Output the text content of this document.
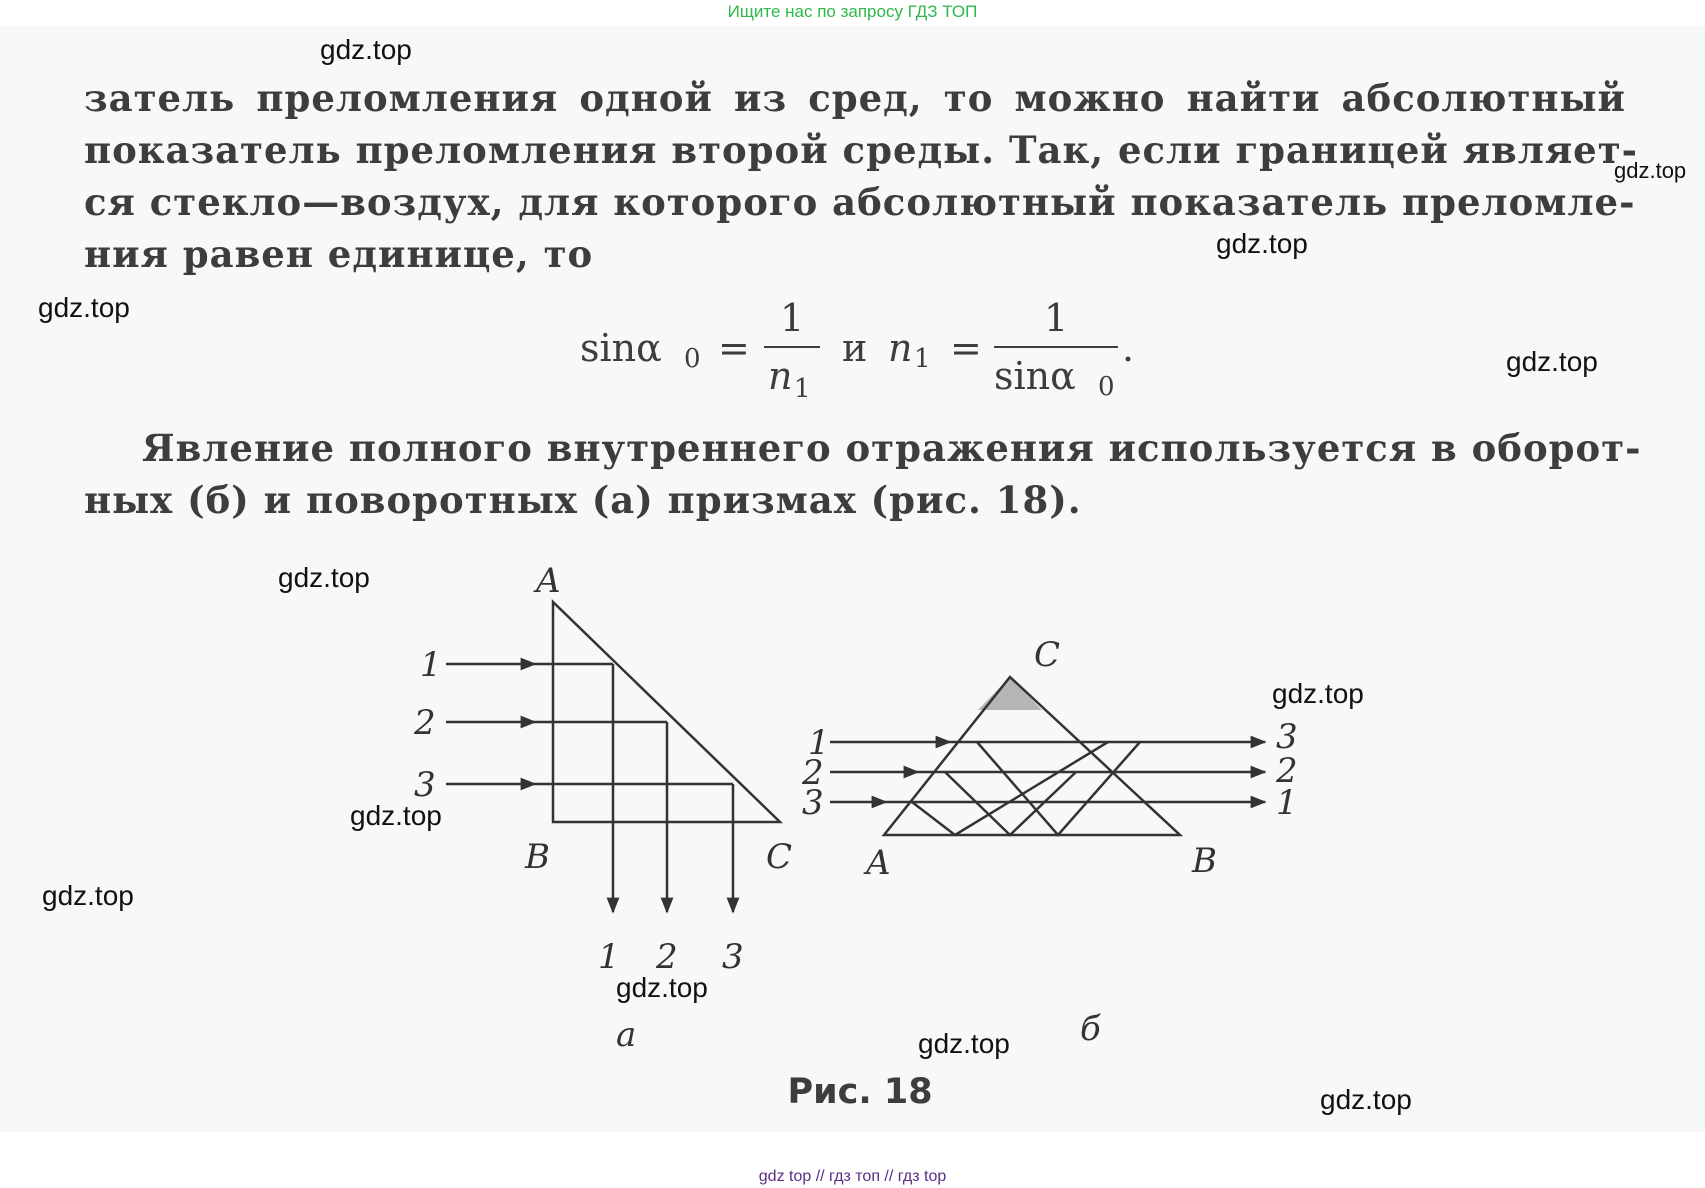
Ищите нас по запросу ГДЗ ТОП
затель преломления одной из сред, то можно найти абсолютный
показатель преломления второй среды. Так, если границей являет-
ся стекло—воздух, для которого абсолютный показатель преломле-
ния равен единице, то
sinα 0 =
1
n 1
и n 1 =
1
sinα 0
.
Явление полного внутреннего отражения используется в оборот-
ных (б) и поворотных (а) призмах (рис. 18).
A
B	C
1
2
3
1 2 3
а
C
A	B
1
2
3
3
2
1
б
Рис. 18
gdz.top
gdz.top
gdz.top
gdz.top
gdz.top
gdz.top
gdz.top
gdz.top
gdz.top
gdz.top
gdz.top
gdz.top
gdz top // гдз топ // гдз top
